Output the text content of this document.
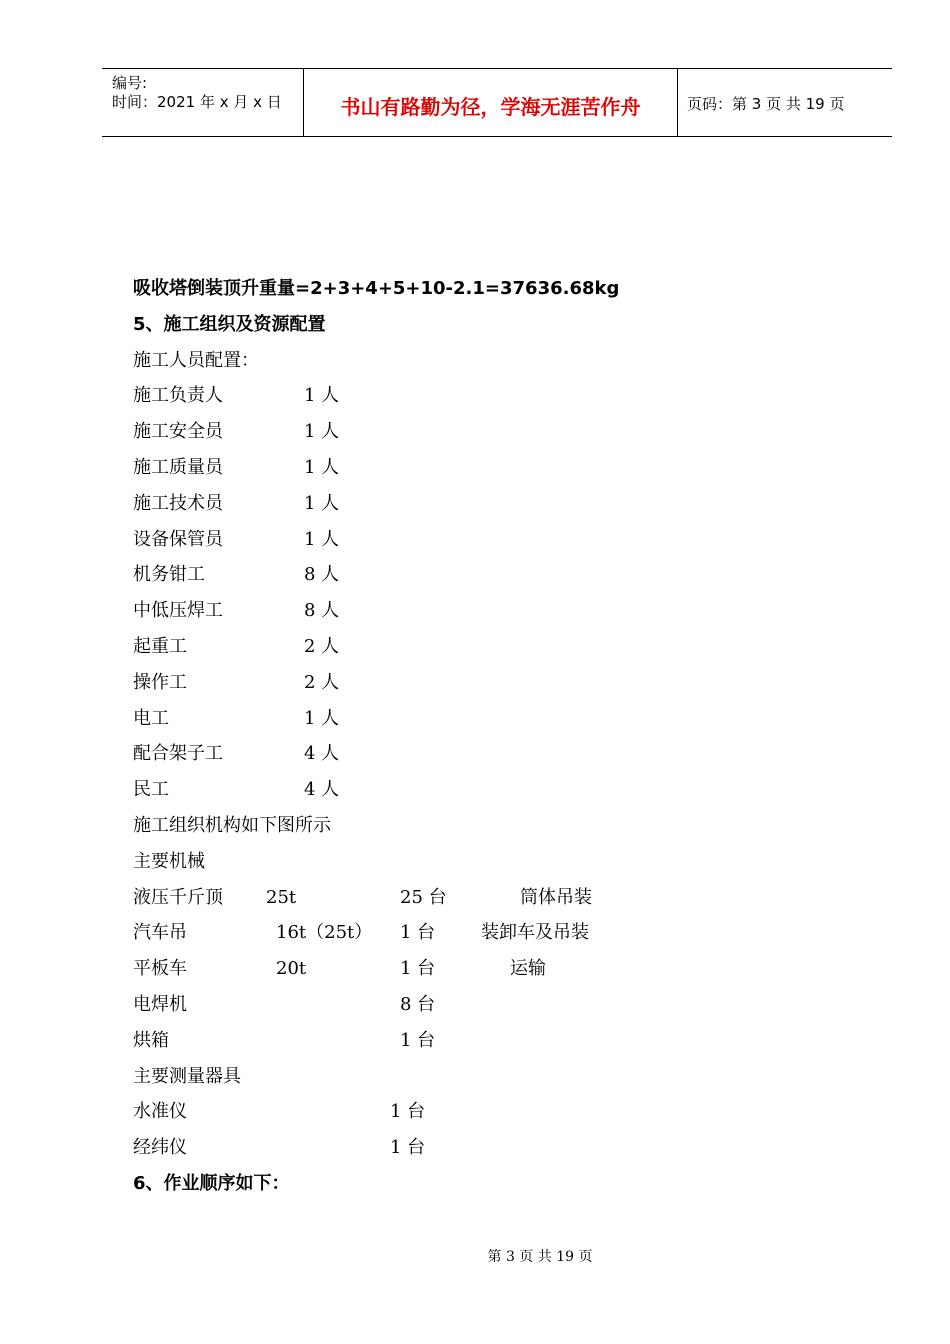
编号:
时间：2021 年 x 月 x 日	书山有路勤为径，学海无涯苦作舟	页码：第 3 页 共 19 页
吸收塔倒装顶升重量=2+3+4+5+10-2.1=37636.68kg
5、施工组织及资源配置
施工人员配置：
施工负责人	1 人
施工安全员	1 人
施工质量员	1 人
施工技术员	1 人
设备保管员	1 人
机务钳工	8 人
中低压焊工	8 人
起重工	2 人
操作工	2 人
电工	1 人
配合架子工	4 人
民工	4 人
施工组织机构如下图所示
主要机械
液压千斤顶 25t	25 台	筒体吊装
汽车吊	16t（25t） 1 台	装卸车及吊装
平板车	20t	1 台	运输
电焊机	8 台
烘箱	1 台
主要测量器具
水准仪	1 台
经纬仪	1 台
6、作业顺序如下：
第 3 页 共 19 页
